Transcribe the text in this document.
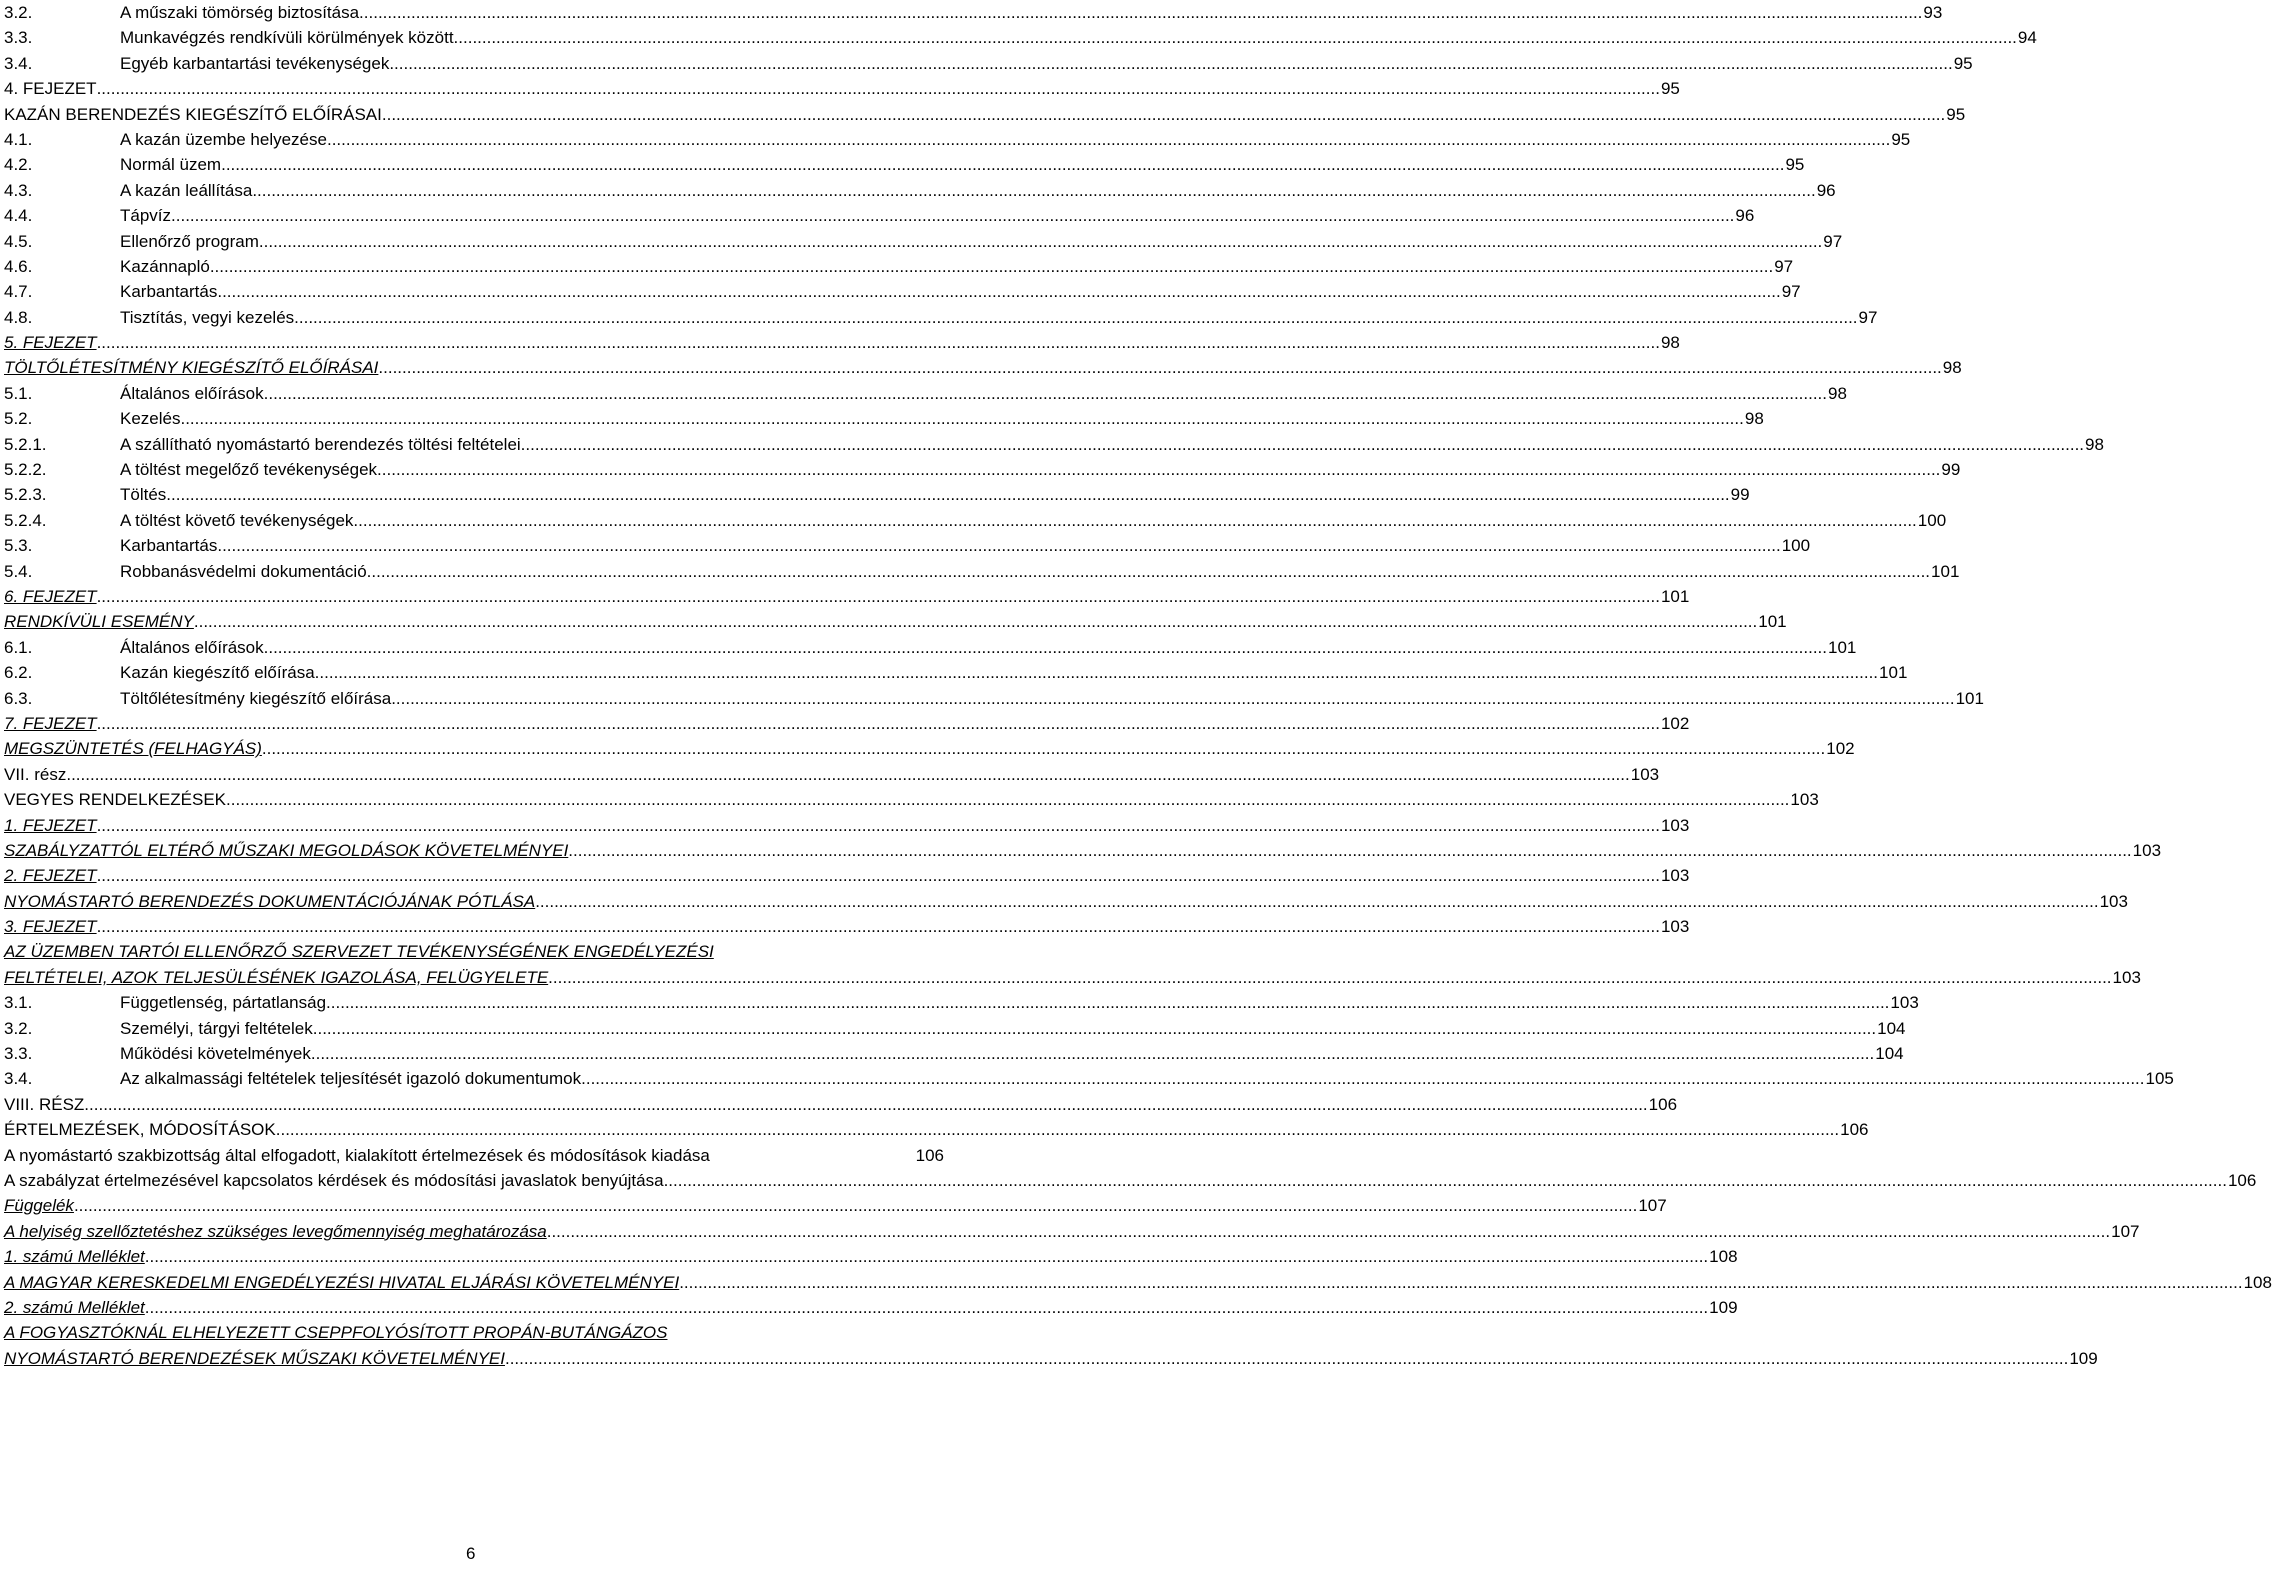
3.2.	A műszaki tömörség biztosítása .....	93
3.3.	Munkavégzés rendkívüli körülmények között .....	94
3.4.	Egyéb karbantartási tevékenységek .....	95
4. FEJEZET .....	95
KAZÁN BERENDEZÉS KIEGÉSZÍTŐ ELŐÍRÁSAI .....	95
4.1.	A kazán üzembe helyezése .....	95
4.2.	Normál üzem .....	95
4.3.	A kazán leállítása .....	96
4.4.	Tápvíz .....	96
4.5.	Ellenőrző program .....	97
4.6.	Kazánnapló .....	97
4.7.	Karbantartás .....	97
4.8.	Tisztítás, vegyi kezelés .....	97
5. FEJEZET .....	98
TÖLTŐLÉTESÍTMÉNY KIEGÉSZÍTŐ ELŐÍRÁSAI .....	98
5.1.	Általános előírások .....	98
5.2.	Kezelés .....	98
5.2.1.	A szállítható nyomástartó berendezés töltési feltételei .....	98
5.2.2.	A töltést megelőző tevékenységek .....	99
5.2.3.	Töltés .....	99
5.2.4.	A töltést követő tevékenységek .....	100
5.3.	Karbantartás .....	100
5.4.	Robbanásvédelmi dokumentáció .....	101
6. FEJEZET .....	101
RENDKÍVÜLI ESEMÉNY .....	101
6.1.	Általános előírások .....	101
6.2.	Kazán kiegészítő előírása .....	101
6.3.	Töltőlétesítmény kiegészítő előírása .....	101
7. FEJEZET .....	102
MEGSZÜNTETÉS (FELHAGYÁS) .....	102
VII. rész .....	103
VEGYES RENDELKEZÉSEK .....	103
1. FEJEZET .....	103
SZABÁLYZATTÓL ELTÉRŐ MŰSZAKI MEGOLDÁSOK KÖVETELMÉNYEI .....	103
2. FEJEZET .....	103
NYOMÁSTARTÓ BERENDEZÉS DOKUMENTÁCIÓJÁNAK PÓTLÁSA .....	103
3. FEJEZET .....	103
AZ ÜZEMBEN TARTÓI ELLENŐRZŐ SZERVEZET TEVÉKENYSÉGÉNEK ENGEDÉLYEZÉSI
FELTÉTELEI, AZOK TELJESÜLÉSÉNEK IGAZOLÁSA, FELÜGYELETE .....	103
3.1.	Függetlenség, pártatlanság .....	103
3.2.	Személyi, tárgyi feltételek .....	104
3.3.	Működési követelmények .....	104
3.4.	Az alkalmassági feltételek teljesítését igazoló dokumentumok .....	105
VIII. RÉSZ .....	106
ÉRTELMEZÉSEK, MÓDOSÍTÁSOK .....	106
A nyomástartó szakbizottság által elfogadott, kialakított értelmezések és módosítások kiadása	106
A szabályzat értelmezésével kapcsolatos kérdések és módosítási javaslatok benyújtása .....	106
Függelék .....	107
A helyiség szellőztetéshez szükséges levegőmennyiség meghatározása .....	107
1. számú Melléklet .....	108
A MAGYAR KERESKEDELMI ENGEDÉLYEZÉSI HIVATAL ELJÁRÁSI KÖVETELMÉNYEI .....	108
2. számú Melléklet .....	109
A FOGYASZTÓKNÁL ELHELYEZETT CSEPPFOLYÓSÍTOTT PROPÁN-BUTÁNGÁZOS
NYOMÁSTARTÓ BERENDEZÉSEK MŰSZAKI KÖVETELMÉNYEI .....	109
6
